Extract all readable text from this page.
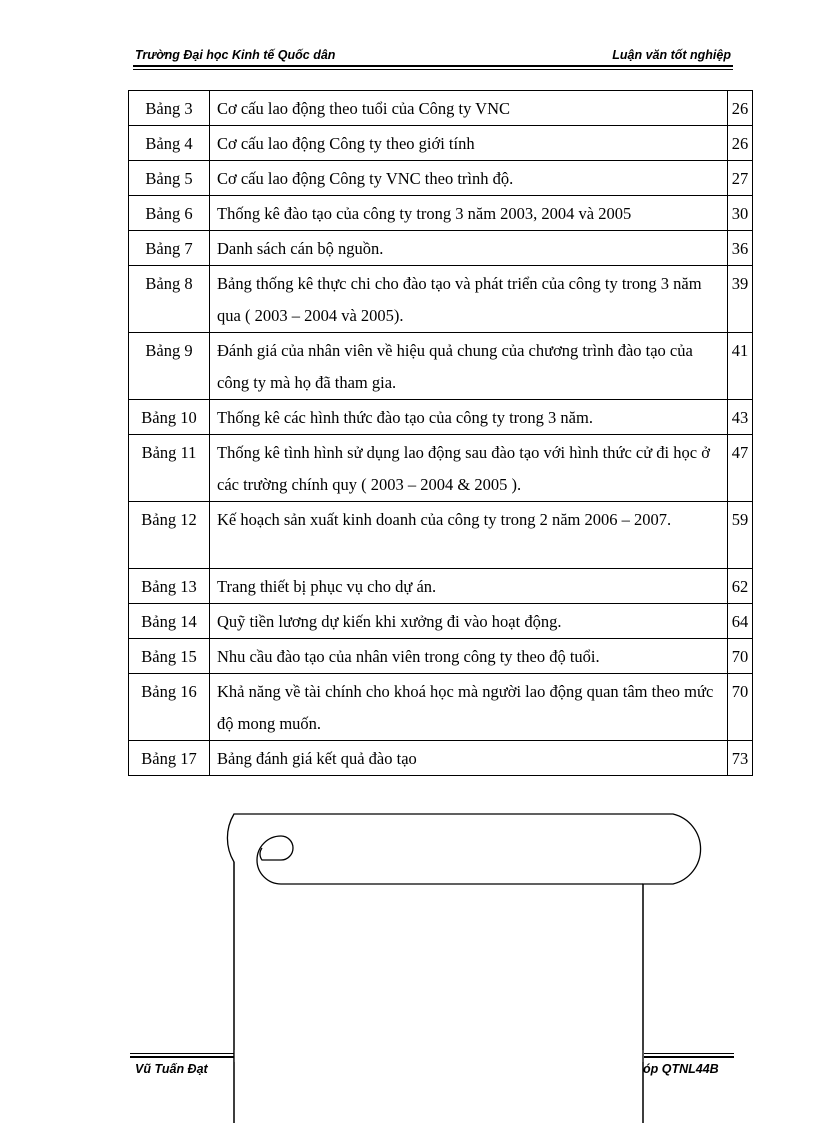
Trường Đại học Kinh tế Quốc dân	Luận văn tốt nghiệp
Bảng 3	Cơ cấu lao động theo tuổi của Công ty VNC	26
Bảng 4	Cơ cấu lao động Công ty theo giới tính	26
Bảng 5	Cơ cấu lao động Công ty VNC theo trình độ.	27
Bảng 6	Thống kê đào tạo của công ty trong 3 năm 2003, 2004 và 2005	30
Bảng 7	Danh sách cán bộ nguồn.	36
Bảng 8	Bảng thống kê thực chi cho đào tạo và phát triển của công ty trong 3 năm qua ( 2003 – 2004 và 2005).	39
Bảng 9	Đánh giá của nhân viên về hiệu quả chung của chương trình đào tạo của công ty mà họ đã tham gia.	41
Bảng 10	Thống kê các hình thức đào tạo của công ty trong 3 năm.	43
Bảng 11	Thống kê tình hình sử dụng lao động sau đào tạo với hình thức cử đi học ở các trường chính quy ( 2003 – 2004 & 2005 ).	47
Bảng 12	Kế hoạch sản xuất kinh doanh của công ty trong 2 năm 2006 – 2007.	59
Bảng 13	Trang thiết bị phục vụ cho dự án.	62
Bảng 14	Quỹ tiền lương dự kiến khi xưởng đi vào hoạt động.	64
Bảng 15	Nhu cầu đào tạo của nhân viên trong công ty theo độ tuổi.	70
Bảng 16	Khả năng về tài chính cho khoá học mà người lao động quan tâm theo mức độ mong muốn.	70
Bảng 17	Bảng đánh giá kết quả đào tạo	73
Vũ Tuấn Đạt	óp QTNL44B
